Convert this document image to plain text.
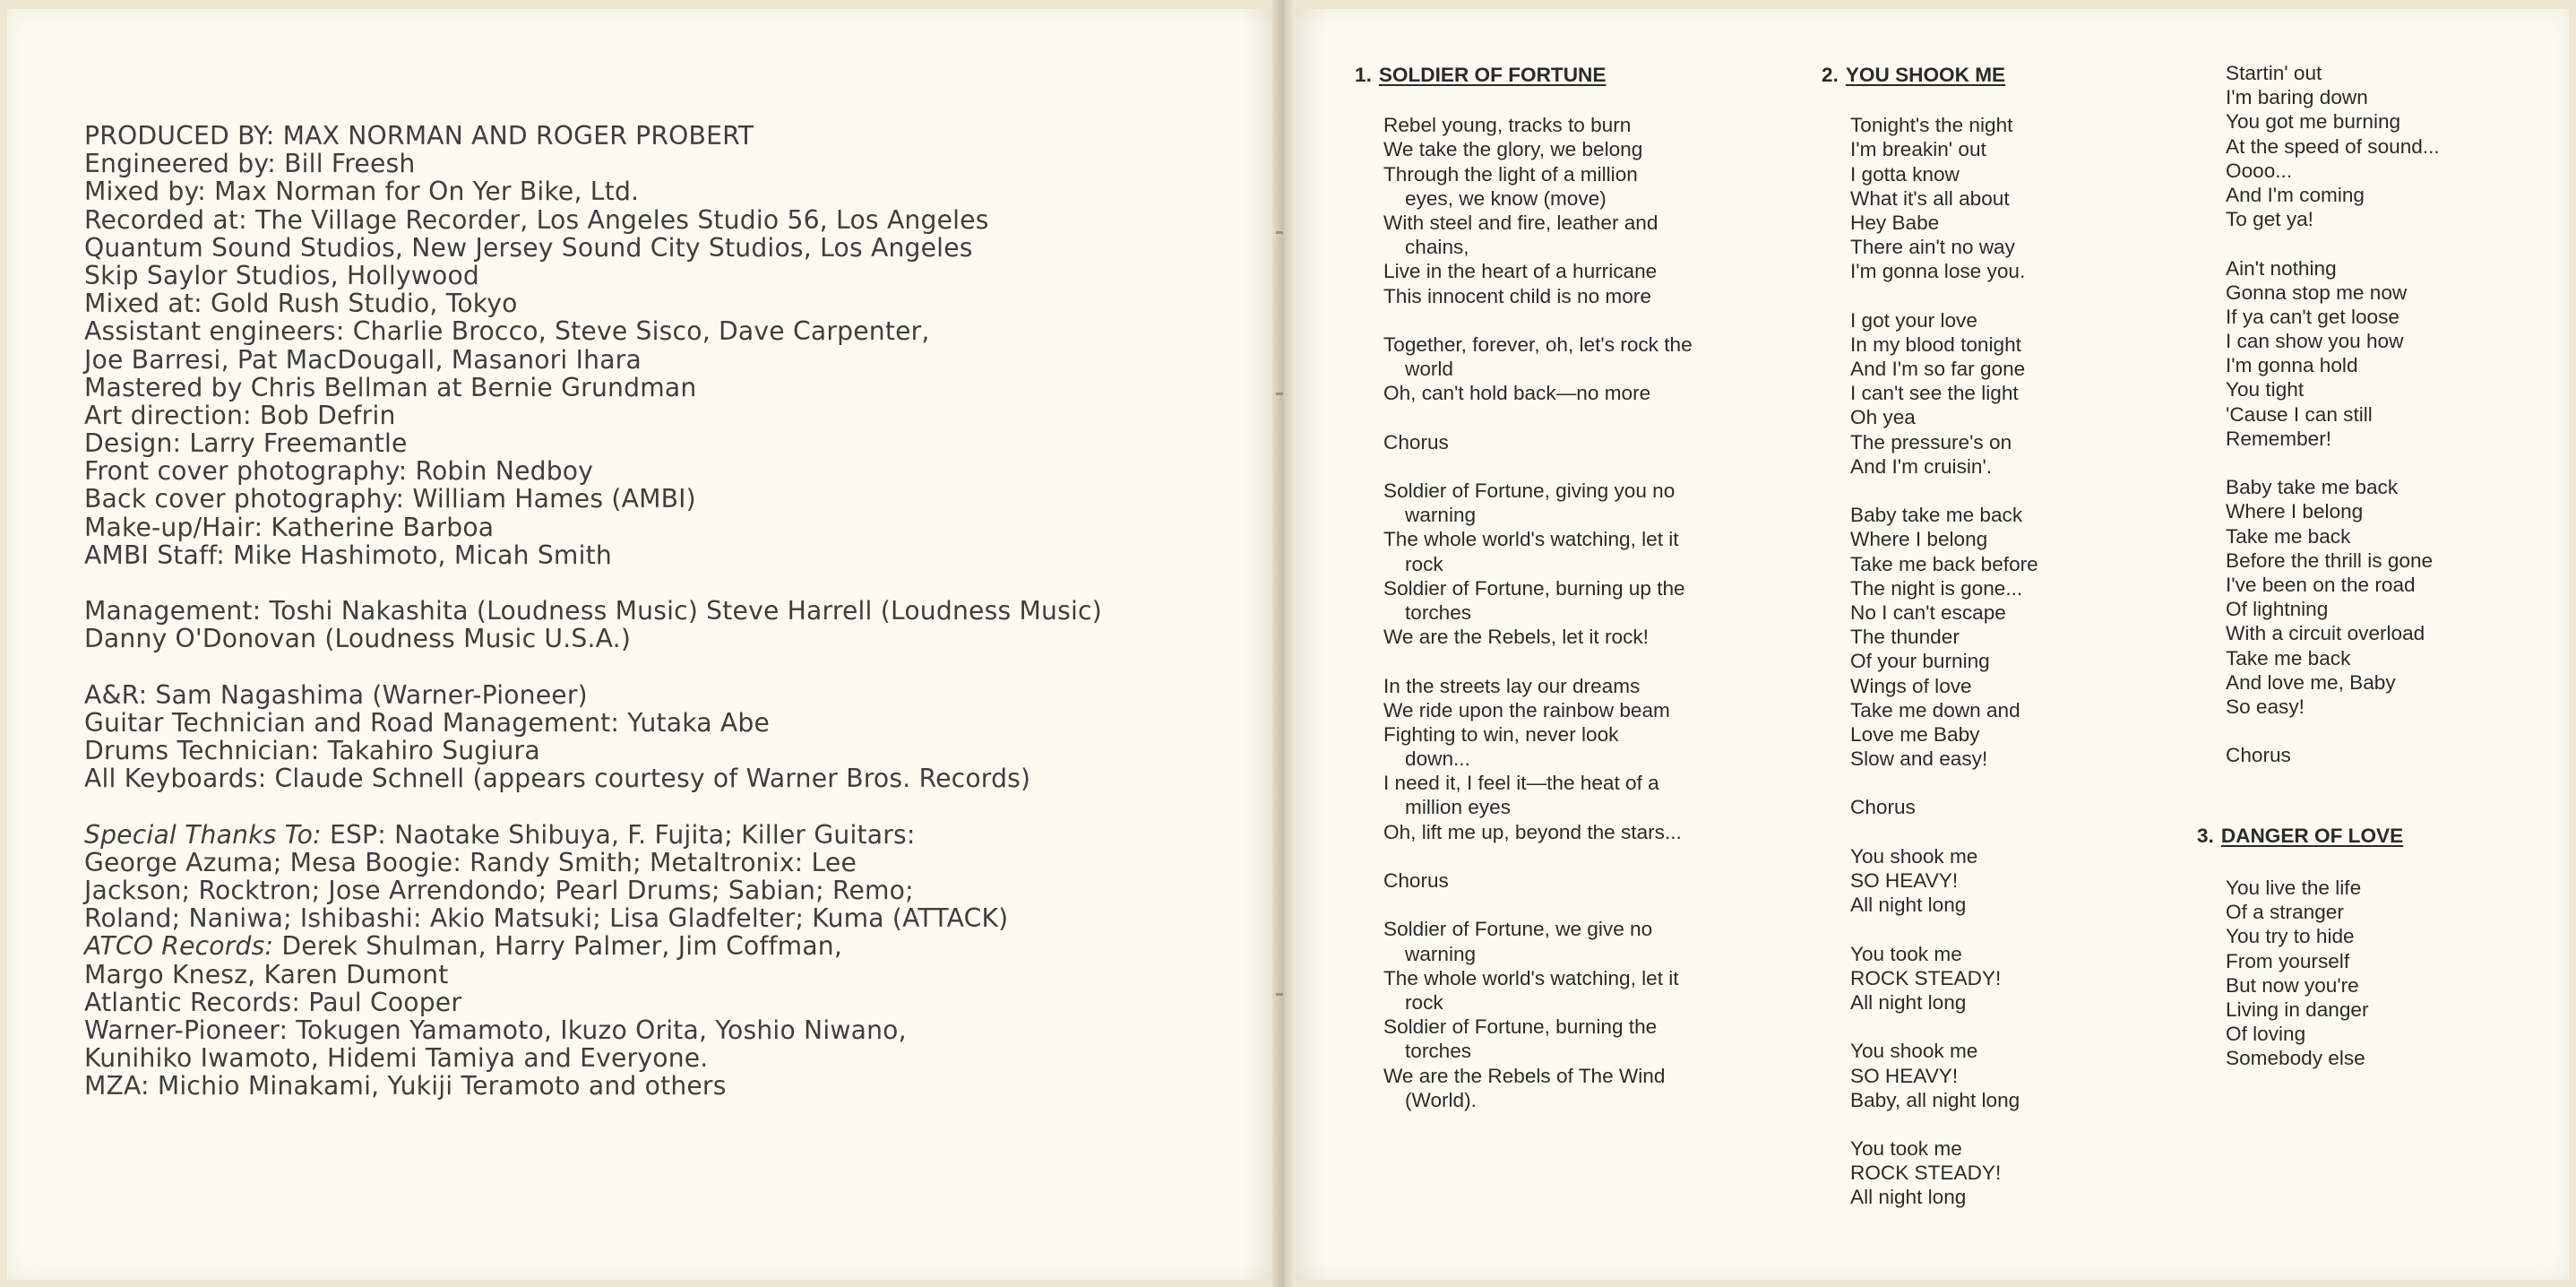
PRODUCED BY: MAX NORMAN AND ROGER PROBERT
Engineered by: Bill Freesh
Mixed by: Max Norman for On Yer Bike, Ltd.
Recorded at: The Village Recorder, Los Angeles Studio 56, Los Angeles
Quantum Sound Studios, New Jersey Sound City Studios, Los Angeles
Skip Saylor Studios, Hollywood
Mixed at: Gold Rush Studio, Tokyo
Assistant engineers: Charlie Brocco, Steve Sisco, Dave Carpenter,
Joe Barresi, Pat MacDougall, Masanori Ihara
Mastered by Chris Bellman at Bernie Grundman
Art direction: Bob Defrin
Design: Larry Freemantle
Front cover photography: Robin Nedboy
Back cover photography: William Hames (AMBI)
Make-up/Hair: Katherine Barboa
AMBI Staff: Mike Hashimoto, Micah Smith
Management: Toshi Nakashita (Loudness Music) Steve Harrell (Loudness Music)
Danny O'Donovan (Loudness Music U.S.A.)
A&R: Sam Nagashima (Warner-Pioneer)
Guitar Technician and Road Management: Yutaka Abe
Drums Technician: Takahiro Sugiura
All Keyboards: Claude Schnell (appears courtesy of Warner Bros. Records)
Special Thanks To: ESP: Naotake Shibuya, F. Fujita; Killer Guitars:
George Azuma; Mesa Boogie: Randy Smith; Metaltronix: Lee
Jackson; Rocktron; Jose Arrendondo; Pearl Drums; Sabian; Remo;
Roland; Naniwa; Ishibashi: Akio Matsuki; Lisa Gladfelter; Kuma (ATTACK)
ATCO Records: Derek Shulman, Harry Palmer, Jim Coffman,
Margo Knesz, Karen Dumont
Atlantic Records: Paul Cooper
Warner-Pioneer: Tokugen Yamamoto, Ikuzo Orita, Yoshio Niwano,
Kunihiko Iwamoto, Hidemi Tamiya and Everyone.
MZA: Michio Minakami, Yukiji Teramoto and others
1. SOLDIER OF FORTUNE
Rebel young, tracks to burn
We take the glory, we belong
Through the light of a million
eyes, we know (move)
With steel and fire, leather and
chains,
Live in the heart of a hurricane
This innocent child is no more
Together, forever, oh, let's rock the
world
Oh, can't hold back—no more
Chorus
Soldier of Fortune, giving you no
warning
The whole world's watching, let it
rock
Soldier of Fortune, burning up the
torches
We are the Rebels, let it rock!
In the streets lay our dreams
We ride upon the rainbow beam
Fighting to win, never look
down...
I need it, I feel it—the heat of a
million eyes
Oh, lift me up, beyond the stars...
Chorus
Soldier of Fortune, we give no
warning
The whole world's watching, let it
rock
Soldier of Fortune, burning the
torches
We are the Rebels of The Wind
(World).
2. YOU SHOOK ME
Tonight's the night
I'm breakin' out
I gotta know
What it's all about
Hey Babe
There ain't no way
I'm gonna lose you.
I got your love
In my blood tonight
And I'm so far gone
I can't see the light
Oh yea
The pressure's on
And I'm cruisin'.
Baby take me back
Where I belong
Take me back before
The night is gone...
No I can't escape
The thunder
Of your burning
Wings of love
Take me down and
Love me Baby
Slow and easy!
Chorus
You shook me
SO HEAVY!
All night long
You took me
ROCK STEADY!
All night long
You shook me
SO HEAVY!
Baby, all night long
You took me
ROCK STEADY!
All night long
Startin' out
I'm baring down
You got me burning
At the speed of sound...
Oooo...
And I'm coming
To get ya!
Ain't nothing
Gonna stop me now
If ya can't get loose
I can show you how
I'm gonna hold
You tight
'Cause I can still
Remember!
Baby take me back
Where I belong
Take me back
Before the thrill is gone
I've been on the road
Of lightning
With a circuit overload
Take me back
And love me, Baby
So easy!
Chorus
3. DANGER OF LOVE
You live the life
Of a stranger
You try to hide
From yourself
But now you're
Living in danger
Of loving
Somebody else
